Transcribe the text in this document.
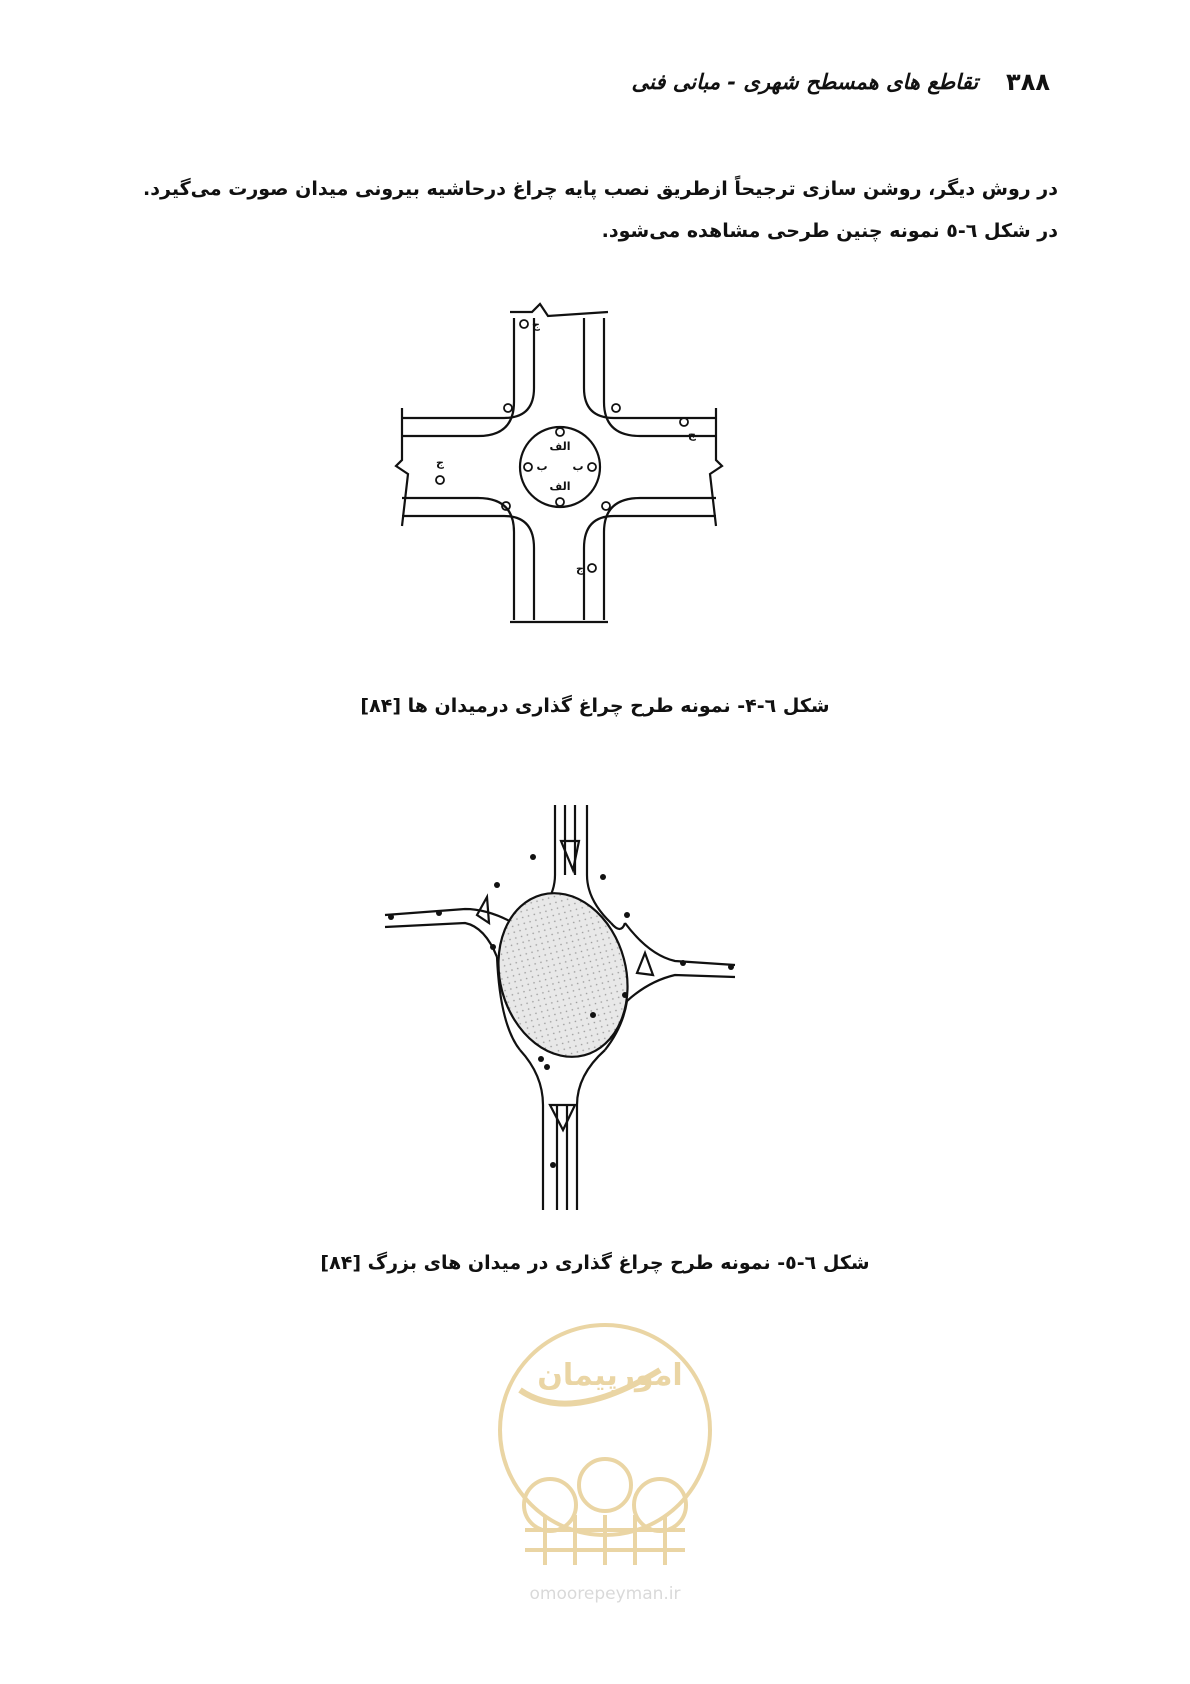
۳۸۸
تقاطع های همسطح شهری - مبانی فنی

در روش دیگر، روشن سازی ترجیحاً ازطریق نصب پایه چراغ درحاشیه بیرونی میدان صورت می‌گیرد.

در شکل ٦-٥ نمونه چنین طرحی مشاهده می‌شود.

الف
الف
ب ب
ج
ج
ج
ج
شکل ٦-۴- نمونه طرح چراغ گذاری درمیدان ها [۸۴]
شکل ٦-٥- نمونه طرح چراغ گذاری در میدان های بزرگ [۸۴]
امورپیمان
omoorepeyman.ir
